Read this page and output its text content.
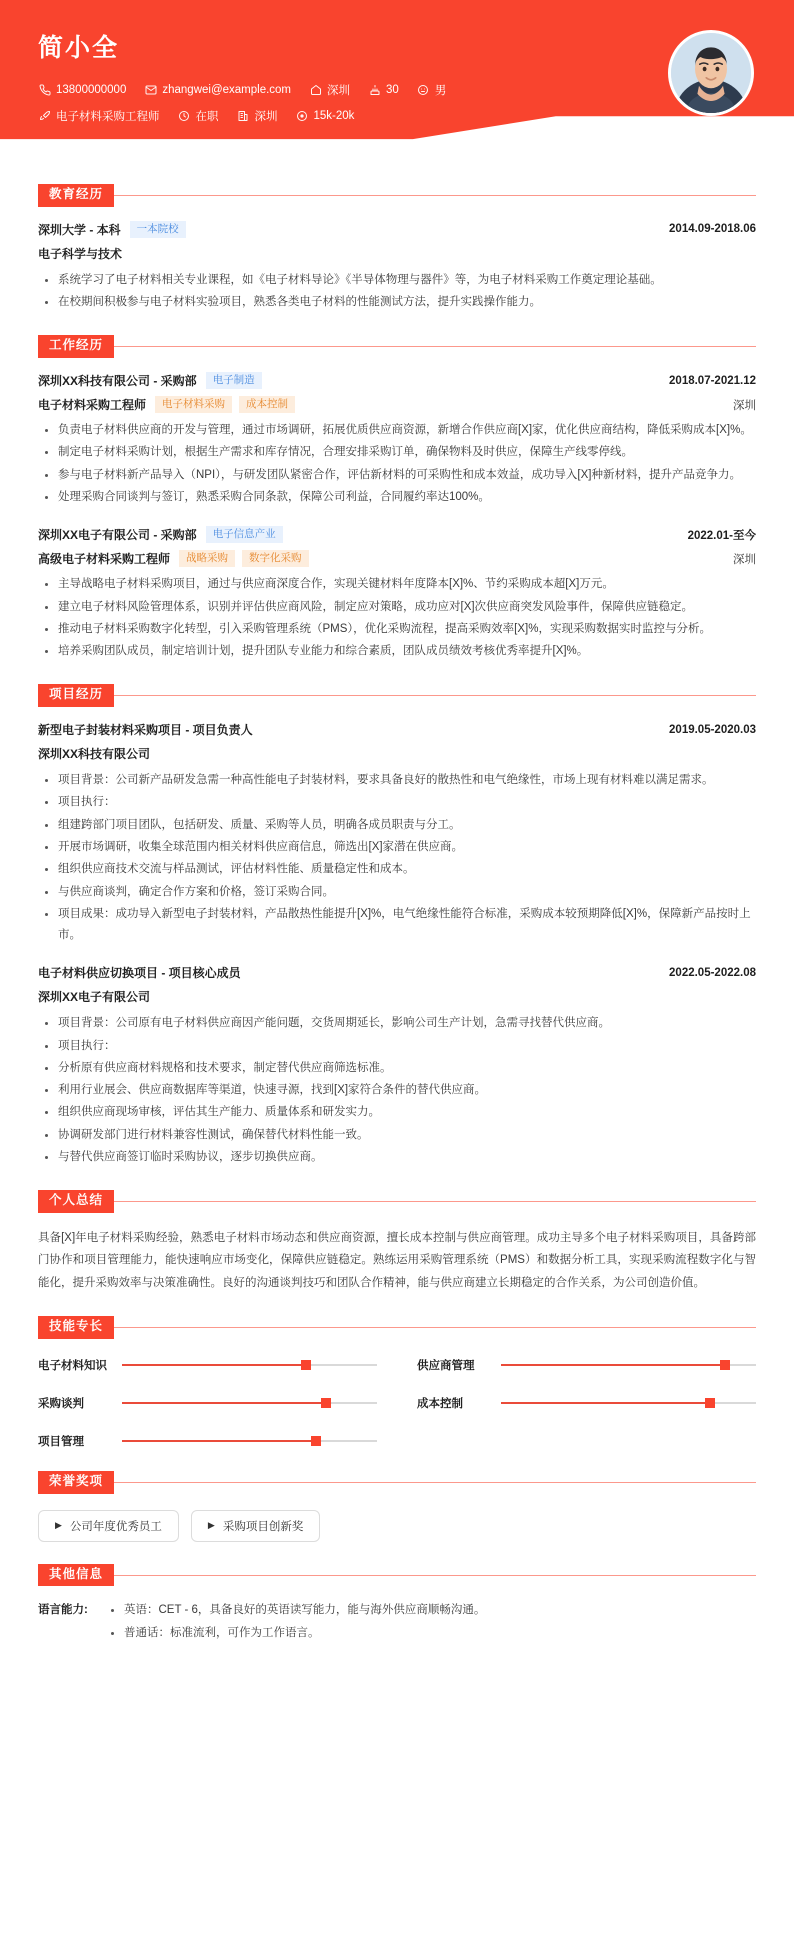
简小全
13800000000	zhangwei@example.com	深圳	30	男
电子材料采购工程师	在职	深圳	15k-20k
教育经历
深圳大学 - 本科	一本院校	2014.09-2018.06
电子科学与技术
系统学习了电子材料相关专业课程，如《电子材料导论》《半导体物理与器件》等，为电子材料采购工作奠定理论基础。
在校期间积极参与电子材料实验项目，熟悉各类电子材料的性能测试方法，提升实践操作能力。
工作经历
深圳XX科技有限公司 - 采购部	电子制造	2018.07-2021.12
电子材料采购工程师	电子材料采购	成本控制	深圳
负责电子材料供应商的开发与管理，通过市场调研，拓展优质供应商资源，新增合作供应商[X]家，优化供应商结构，降低采购成本[X]%。
制定电子材料采购计划，根据生产需求和库存情况，合理安排采购订单，确保物料及时供应，保障生产线零停线。
参与电子材料新产品导入（NPI），与研发团队紧密合作，评估新材料的可采购性和成本效益，成功导入[X]种新材料，提升产品竞争力。
处理采购合同谈判与签订，熟悉采购合同条款，保障公司利益，合同履约率达100%。
深圳XX电子有限公司 - 采购部	电子信息产业	2022.01-至今
高级电子材料采购工程师	战略采购	数字化采购	深圳
主导战略电子材料采购项目，通过与供应商深度合作，实现关键材料年度降本[X]%、节约采购成本超[X]万元。
建立电子材料风险管理体系，识别并评估供应商风险，制定应对策略，成功应对[X]次供应商突发风险事件，保障供应链稳定。
推动电子材料采购数字化转型，引入采购管理系统（PMS），优化采购流程，提高采购效率[X]%，实现采购数据实时监控与分析。
培养采购团队成员，制定培训计划，提升团队专业能力和综合素质，团队成员绩效考核优秀率提升[X]%。
项目经历
新型电子封装材料采购项目 - 项目负责人	2019.05-2020.03
深圳XX科技有限公司
项目背景：公司新产品研发急需一种高性能电子封装材料，要求具备良好的散热性和电气绝缘性，市场上现有材料难以满足需求。
项目执行：
组建跨部门项目团队，包括研发、质量、采购等人员，明确各成员职责与分工。
开展市场调研，收集全球范围内相关材料供应商信息，筛选出[X]家潜在供应商。
组织供应商技术交流与样品测试，评估材料性能、质量稳定性和成本。
与供应商谈判，确定合作方案和价格，签订采购合同。
项目成果：成功导入新型电子封装材料，产品散热性能提升[X]%，电气绝缘性能符合标准，采购成本较预期降低[X]%，保障新产品按时上市。
电子材料供应切换项目 - 项目核心成员	2022.05-2022.08
深圳XX电子有限公司
项目背景：公司原有电子材料供应商因产能问题，交货周期延长，影响公司生产计划，急需寻找替代供应商。
项目执行：
分析原有供应商材料规格和技术要求，制定替代供应商筛选标准。
利用行业展会、供应商数据库等渠道，快速寻源，找到[X]家符合条件的替代供应商。
组织供应商现场审核，评估其生产能力、质量体系和研发实力。
协调研发部门进行材料兼容性测试，确保替代材料性能一致。
与替代供应商签订临时采购协议，逐步切换供应商。
个人总结
具备[X]年电子材料采购经验，熟悉电子材料市场动态和供应商资源，擅长成本控制与供应商管理。成功主导多个电子材料采购项目，具备跨部门协作和项目管理能力，能快速响应市场变化，保障供应链稳定。熟练运用采购管理系统（PMS）和数据分析工具，实现采购流程数字化与智能化，提升采购效率与决策准确性。良好的沟通谈判技巧和团队合作精神，能与供应商建立长期稳定的合作关系，为公司创造价值。
技能专长
电子材料知识	供应商管理
采购谈判	成本控制
项目管理
荣誉奖项
▶ 公司年度优秀员工	▶ 采购项目创新奖
其他信息
语言能力:	英语：CET - 6，具备良好的英语读写能力，能与海外供应商顺畅沟通。
普通话：标准流利，可作为工作语言。
